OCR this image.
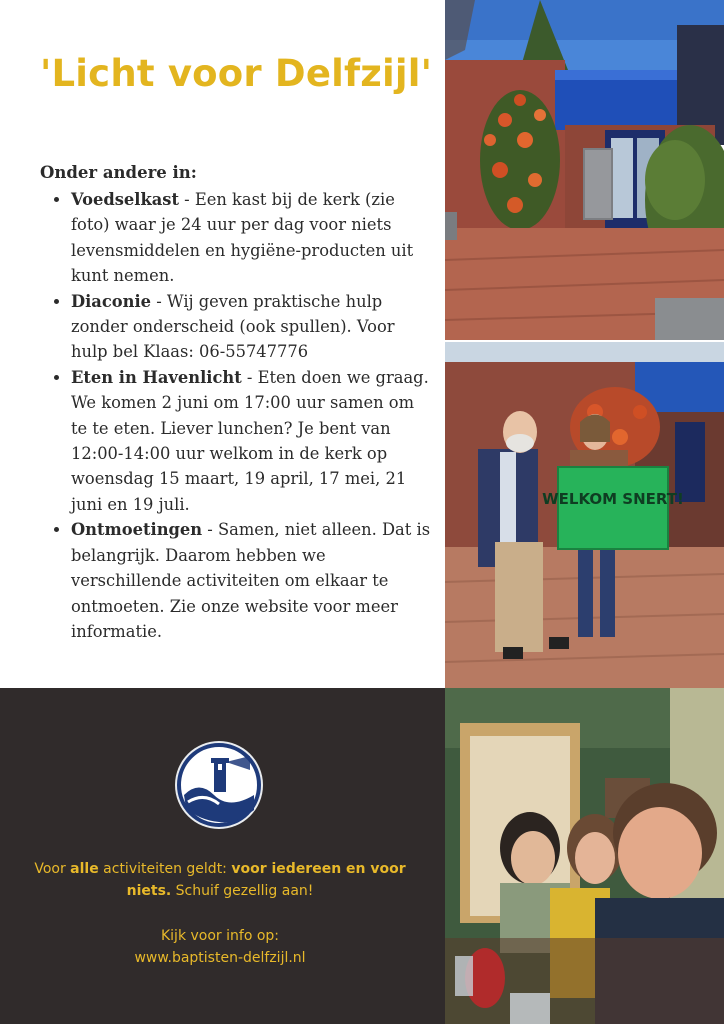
'Licht voor Delfzijl'
Onder andere in:
• Voedselkast - Een kast bij de kerk (zie foto) waar je 24 uur per dag voor niets levensmiddelen en hygiëne-producten uit kunt nemen.
• Diaconie - Wij geven praktische hulp zonder onderscheid (ook spullen). Voor hulp bel Klaas: 06-55747776
• Eten in Havenlicht - Eten doen we graag. We komen 2 juni om 17:00 uur samen om te te eten. Liever lunchen? Je bent van 12:00-14:00 uur welkom in de kerk op woensdag 15 maart, 19 april, 17 mei, 21 juni en 19 juli.
• Ontmoetingen - Samen, niet alleen. Dat is belangrijk. Daarom hebben we verschillende activiteiten om elkaar te ontmoeten. Zie onze website voor meer informatie.
WELKOM SNERT!
Voor alle activiteiten geldt: voor iedereen en voor niets. Schuif gezellig aan!
Kijk voor info op:
www.baptisten-delfzijl.nl
